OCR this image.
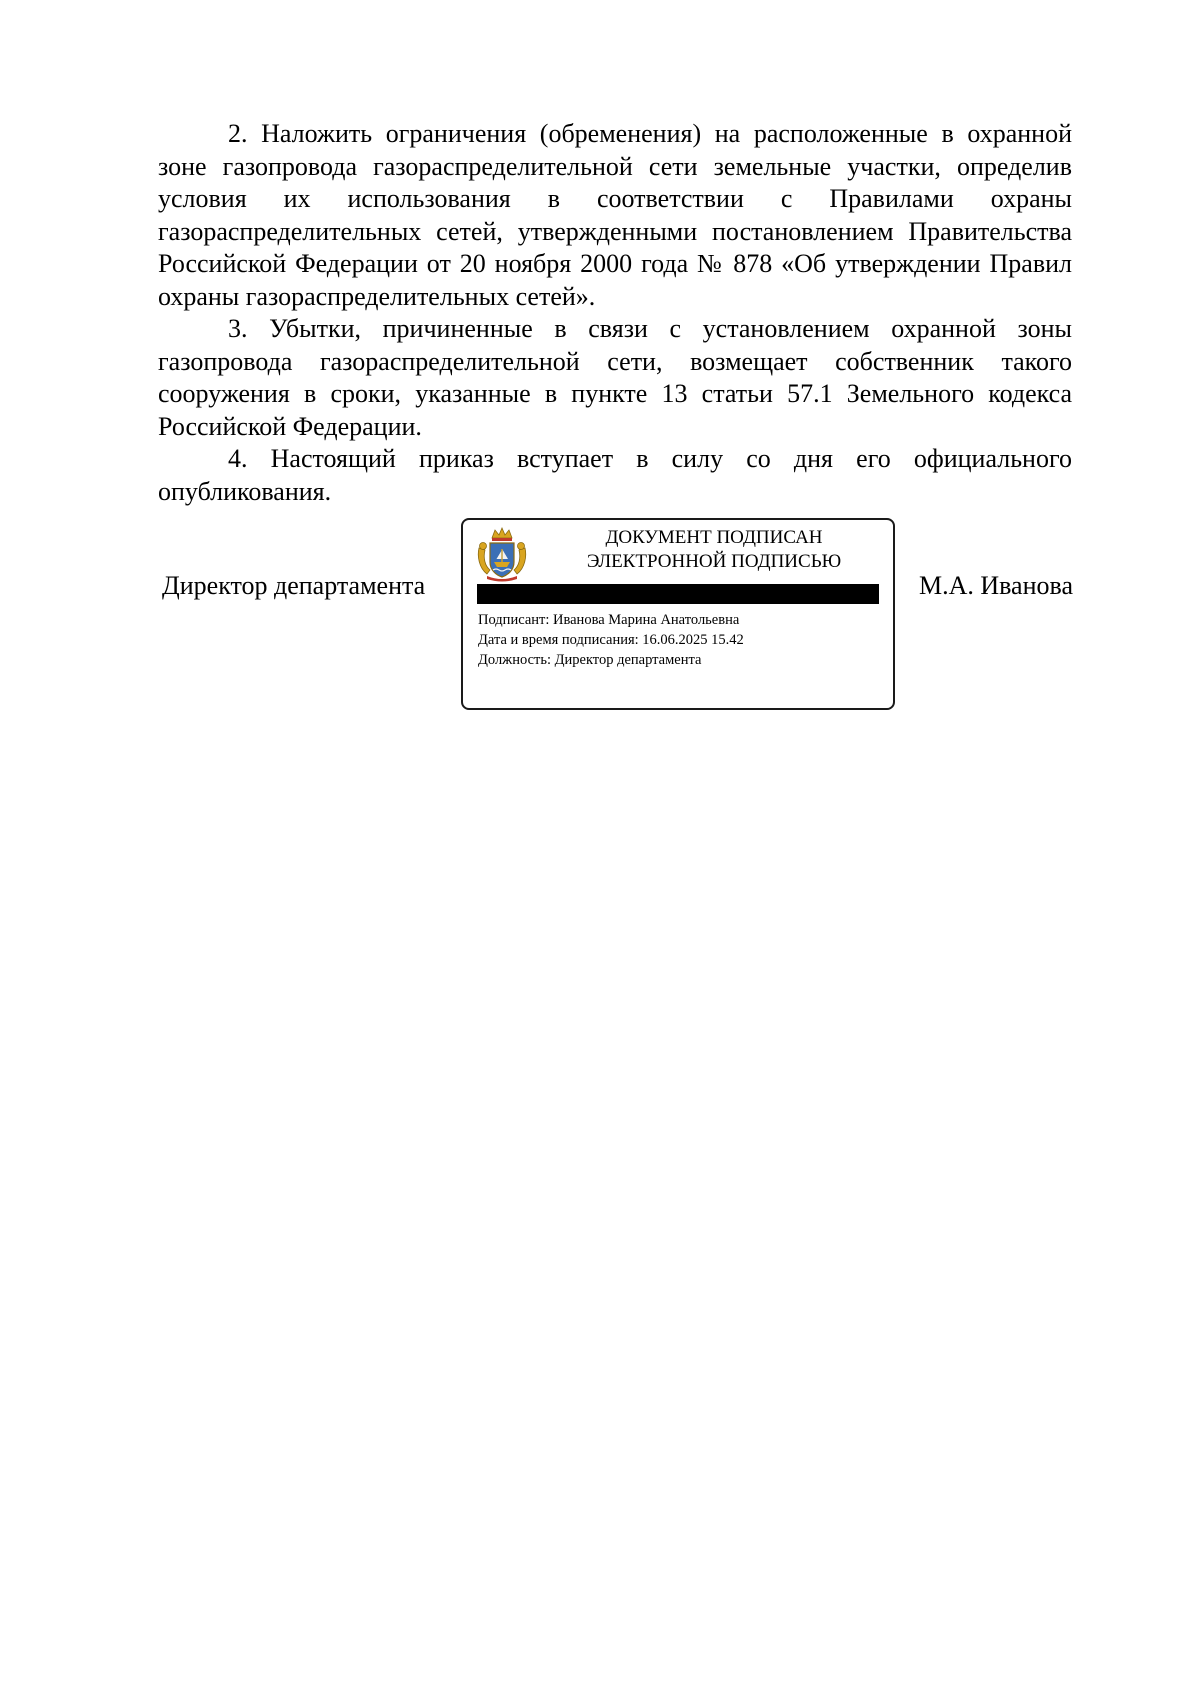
2. Наложить ограничения (обременения) на расположенные в охранной зоне газопровода газораспределительной сети земельные участки, определив условия их использования в соответствии с Правилами охраны газораспределительных сетей, утвержденными постановлением Правительства Российской Федерации от 20 ноября 2000 года № 878 «Об утверждении Правил охраны газораспределительных сетей».

3. Убытки, причиненные в связи с установлением охранной зоны газопровода газораспределительной сети, возмещает собственник такого сооружения в сроки, указанные в пункте 13 статьи 57.1 Земельного кодекса Российской Федерации.

4. Настоящий приказ вступает в силу со дня его официального опубликования.

Директор департамента	М.А. Иванова
ДОКУМЕНТ ПОДПИСАН
ЭЛЕКТРОННОЙ ПОДПИСЬЮ
Подписант: Иванова Марина Анатольевна
Дата и время подписания: 16.06.2025 15.42
Должность: Директор департамента
